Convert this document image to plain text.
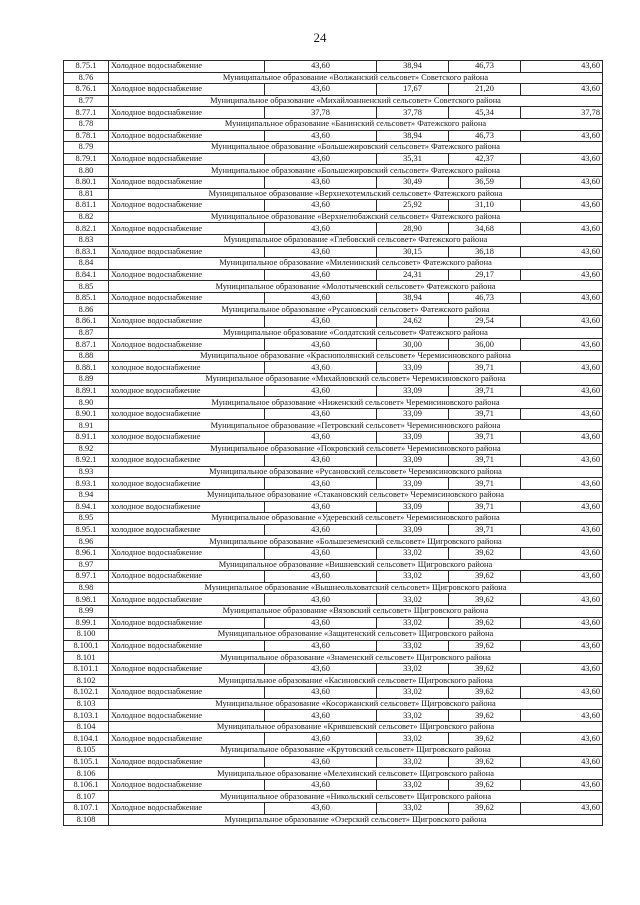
24
8.75.1	Холодное водоснабжение	43,60	38,94	46,73	43,60
8.76	Муниципальное образование «Волжанский сельсовет» Советского района				
8.76.1	Холодное водоснабжение	43,60	17,67	21,20	43,60
8.77	Муниципальное образование «Михайлоанненский сельсовет» Советского района				
8.77.1	Холодное водоснабжение	37,78	37,78	45,34	37,78
8.78	Муниципальное образование «Банинский сельсовет» Фатежского района				
8.78.1	Холодное водоснабжение	43,60	38,94	46,73	43,60
8.79	Муниципальное образование «Большежировский сельсовет» Фатежского района				
8.79.1	Холодное водоснабжение	43,60	35,31	42,37	43,60
8.80	Муниципальное образование «Большежировский сельсовет» Фатежского района				
8.80.1	Холодное водоснабжение	43,60	30,49	36,59	43,60
8.81	Муниципальное образование «Верхнехотемльский сельсовет» Фатежского района				
8.81.1	Холодное водоснабжение	43,60	25,92	31,10	43,60
8.82	Муниципальное образование «Верхнелюбажский сельсовет» Фатежского района				
8.82.1	Холодное водоснабжение	43,60	28,90	34,68	43,60
8.83	Муниципальное образование «Глебовский сельсовет» Фатежского района				
8.83.1	Холодное водоснабжение	43,60	30,15	36,18	43,60
8.84	Муниципальное образование «Миленинский сельсовет» Фатежского района				
8.84.1	Холодное водоснабжение	43,60	24,31	29,17	43,60
8.85	Муниципальное образование «Молотычевский сельсовет» Фатежского района				
8.85.1	Холодное водоснабжение	43,60	38,94	46,73	43,60
8.86	Муниципальное образование «Русановский сельсовет» Фатежского района				
8.86.1	Холодное водоснабжение	43,60	24,62	29,54	43,60
8.87	Муниципальное образование «Солдатский сельсовет» Фатежского района				
8.87.1	Холодное водоснабжение	43,60	30,00	36,00	43,60
8.88	Муниципальное образование «Краснополянский сельсовет» Черемисиновского района				
8.88.1	холодное водоснабжение	43,60	33,09	39,71	43,60
8.89	Муниципальное образование «Михайловский сельсовет» Черемисиновского района				
8.89.1	холодное водоснабжение	43,60	33,09	39,71	43,60
8.90	Муниципальное образование «Ниженский сельсовет» Черемисиновского района				
8.90.1	холодное водоснабжение	43,60	33,09	39,71	43,60
8.91	Муниципальное образование «Петровский сельсовет» Черемисиновского района				
8.91.1	холодное водоснабжение	43,60	33,09	39,71	43,60
8.92	Муниципальное образование «Покровский сельсовет» Черемисиновского района				
8.92.1	холодное водоснабжение	43,60	33,09	39,71	43,60
8.93	Муниципальное образование «Русановский сельсовет» Черемисиновского района				
8.93.1	холодное водоснабжение	43,60	33,09	39,71	43,60
8.94	Муниципальное образование «Стакановский сельсовет» Черемисиновского района				
8.94.1	холодное водоснабжение	43,60	33,09	39,71	43,60
8.95	Муниципальное образование «Удеревский сельсовет» Черемисиновского района				
8.95.1	холодное водоснабжение	43,60	33,09	39,71	43,60
8.96	Муниципальное образование «Большеземенский сельсовет» Щигровского района				
8.96.1	Холодное водоснабжение	43,60	33,02	39,62	43,60
8.97	Муниципальное образование «Вишневский сельсовет» Щигровского района				
8.97.1	Холодное водоснабжение	43,60	33,02	39,62	43,60
8.98	Муниципальное образование «Вышнеольховатский сельсовет» Щигровского района				
8.98.1	Холодное водоснабжение	43,60	33,02	39,62	43,60
8.99	Муниципальное образование «Вязовский сельсовет» Щигровского района				
8.99.1	Холодное водоснабжение	43,60	33,02	39,62	43,60
8.100	Муниципальное образование «Защитенский сельсовет» Щигровского района				
8.100.1	Холодное водоснабжение	43,60	33,02	39,62	43,60
8.101	Муниципальное образование «Знаменский сельсовет» Щигровского района				
8.101.1	Холодное водоснабжение	43,60	33,02	39,62	43,60
8.102	Муниципальное образование «Касиновский сельсовет» Щигровского района				
8.102.1	Холодное водоснабжение	43,60	33,02	39,62	43,60
8.103	Муниципальное образование «Косоржанский сельсовет» Щигровского района				
8.103.1	Холодное водоснабжение	43,60	33,02	39,62	43,60
8.104	Муниципальное образование «Крившевский сельсовет» Щигровского района				
8.104.1	Холодное водоснабжение	43,60	33,02	39,62	43,60
8.105	Муниципальное образование «Крутовский сельсовет» Щигровского района				
8.105.1	Холодное водоснабжение	43,60	33,02	39,62	43,60
8.106	Муниципальное образование «Мелехинский сельсовет» Щигровского района				
8.106.1	Холодное водоснабжение	43,60	33,02	39,62	43,60
8.107	Муниципальное образование «Никольский сельсовет» Щигровского района				
8.107.1	Холодное водоснабжение	43,60	33,02	39,62	43,60
8.108	Муниципальное образование «Озерский сельсовет» Щигровского района				
